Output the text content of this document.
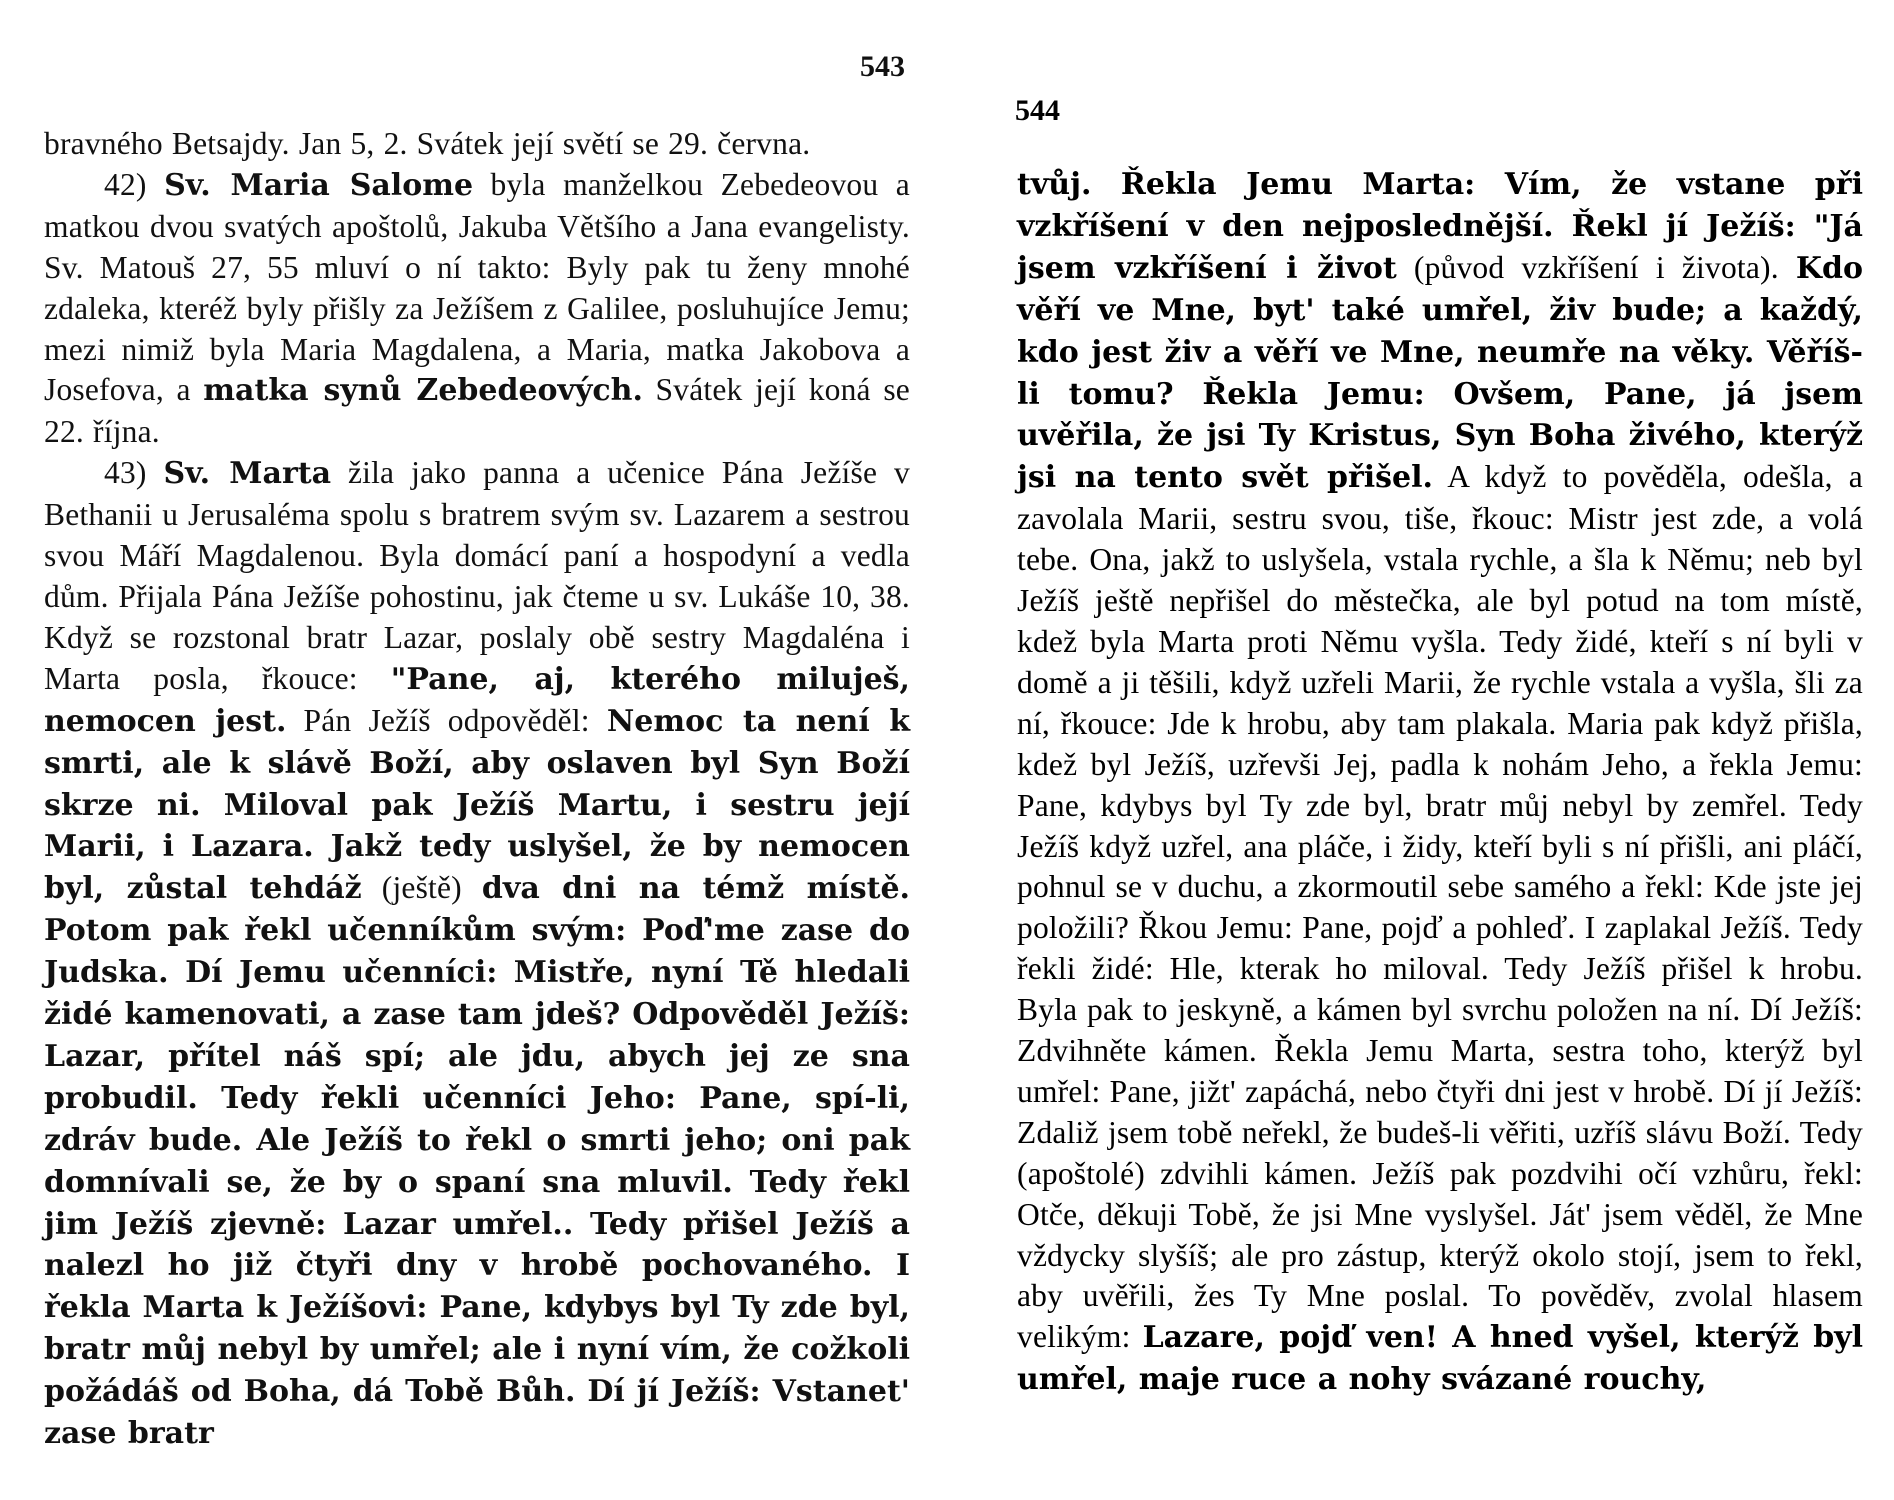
543

bravného Betsajdy. Jan 5, 2. Svátek její světí se 29. června.

42) Sv. Maria Salome byla manželkou Zebedeovou a matkou dvou svatých apoštolů, Jakuba Většího a Jana evangelisty. Sv. Matouš 27, 55 mluví o ní takto: Byly pak tu ženy mnohé zdaleka, kteréž byly přišly za Ježíšem z Galilee, posluhujíce Jemu; mezi nimiž byla Maria Magdalena, a Maria, matka Jakobova a Josefova, a matka synů Zebedeových. Svátek její koná se 22. října.

43) Sv. Marta žila jako panna a učenice Pána Ježíše v Bethanii u Jerusaléma spolu s bratrem svým sv. Lazarem a sestrou svou Máří Magdalenou. Byla domácí paní a hospodyní a vedla dům. Přijala Pána Ježíše pohostinu, jak čteme u sv. Lukáše 10, 38. Když se rozstonal bratr Lazar, poslaly obě sestry Magdaléna i Marta posla, řkouce: "Pane, aj, kterého miluješ, nemocen jest. Pán Ježíš odpověděl: Nemoc ta není k smrti, ale k slávě Boží, aby oslaven byl Syn Boží skrze ni. Miloval pak Ježíš Martu, i sestru její Marii, i Lazara. Jakž tedy uslyšel, že by nemocen byl, zůstal tehdáž (ještě) dva dni na témž místě. Potom pak řekl učenníkům svým: Poď'me zase do Judska. Dí Jemu učenníci: Mistře, nyní Tě hledali židé kamenovati, a zase tam jdeš? Odpověděl Ježíš: Lazar, přítel náš spí; ale jdu, abych jej ze sna probudil. Tedy řekli učenníci Jeho: Pane, spí-li, zdráv bude. Ale Ježíš to řekl o smrti jeho; oni pak domnívali se, že by o spaní sna mluvil. Tedy řekl jim Ježíš zjevně: Lazar umřel.. Tedy přišel Ježíš a nalezl ho již čtyři dny v hrobě pochovaného. I řekla Marta k Ježíšovi: Pane, kdybys byl Ty zde byl, bratr můj nebyl by umřel; ale i nyní vím, že cožkoli požádáš od Boha, dá Tobě Bůh. Dí jí Ježíš: Vstanet' zase bratr

544

tvůj. Řekla Jemu Marta: Vím, že vstane při vzkříšení v den nejposlednější. Řekl jí Ježíš: "Já jsem vzkříšení i život (původ vzkříšení i života). Kdo věří ve Mne, byt' také umřel, živ bude; a každý, kdo jest živ a věří ve Mne, neumře na věky. Věříš-li tomu? Řekla Jemu: Ovšem, Pane, já jsem uvěřila, že jsi Ty Kristus, Syn Boha živého, kterýž jsi na tento svět přišel. A když to pověděla, odešla, a zavolala Marii, sestru svou, tiše, řkouc: Mistr jest zde, a volá tebe. Ona, jakž to uslyšela, vstala rychle, a šla k Němu; neb byl Ježíš ještě nepřišel do městečka, ale byl potud na tom místě, kdež byla Marta proti Němu vyšla. Tedy židé, kteří s ní byli v domě a ji těšili, když uzřeli Marii, že rychle vstala a vyšla, šli za ní, řkouce: Jde k hrobu, aby tam plakala. Maria pak když přišla, kdež byl Ježíš, uzřevši Jej, padla k nohám Jeho, a řekla Jemu: Pane, kdybys byl Ty zde byl, bratr můj nebyl by zemřel. Tedy Ježíš když uzřel, ana pláče, i židy, kteří byli s ní přišli, ani pláčí, pohnul se v duchu, a zkormoutil sebe samého a řekl: Kde jste jej položili? Řkou Jemu: Pane, pojď a pohleď. I zaplakal Ježíš. Tedy řekli židé: Hle, kterak ho miloval. Tedy Ježíš přišel k hrobu. Byla pak to jeskyně, a kámen byl svrchu položen na ní. Dí Ježíš: Zdvihněte kámen. Řekla Jemu Marta, sestra toho, kterýž byl umřel: Pane, jižt' zapáchá, nebo čtyři dni jest v hrobě. Dí jí Ježíš: Zdaliž jsem tobě neřekl, že budeš-li věřiti, uzříš slávu Boží. Tedy (apoštolé) zdvihli kámen. Ježíš pak pozdvihi očí vzhůru, řekl: Otče, děkuji Tobě, že jsi Mne vyslyšel. Ját' jsem věděl, že Mne vždycky slyšíš; ale pro zástup, kterýž okolo stojí, jsem to řekl, aby uvěřili, žes Ty Mne poslal. To pověděv, zvolal hlasem velikým: Lazare, pojď ven! A hned vyšel, kterýž byl umřel, maje ruce a nohy svázané rouchy,
